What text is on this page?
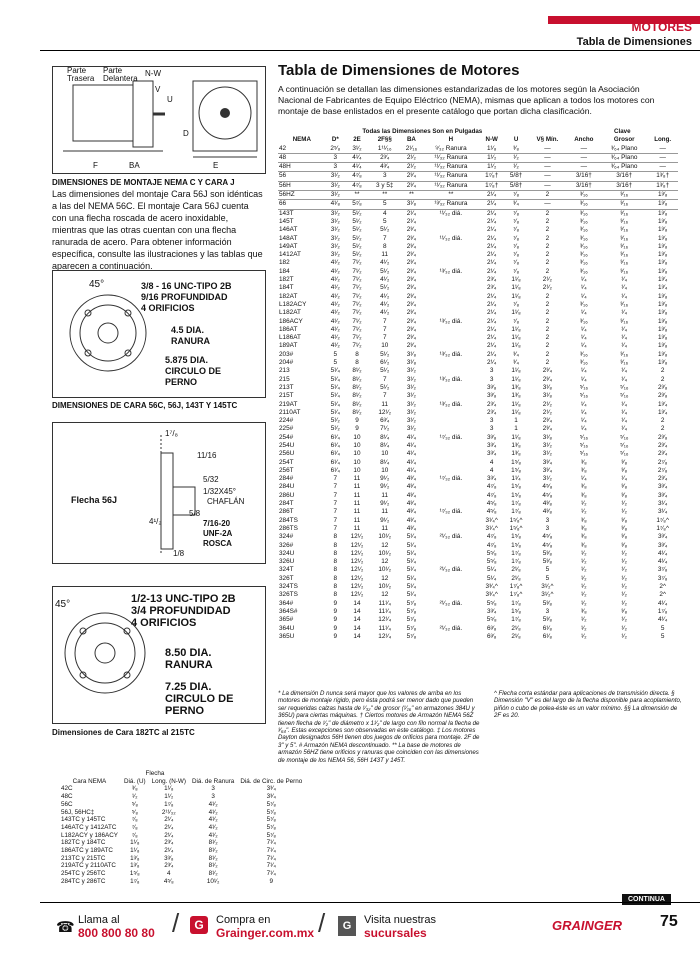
MOTORES
Tabla de Dimensiones
Parte
Trasera
Parte
Delantera
N-W
V
U
D
F	BA	E
DIMENSIONES DE MONTAJE NEMA C Y CARA J
Las dimensiones del montaje Cara 56J son idénticas a las del NEMA 56C. El montaje Cara 56J cuenta con una flecha roscada de acero inoxidable, mientras que las otras cuentan con una flecha ranurada de acero. Para obtener información específica, consulte las ilustraciones y las tablas que aparecen a continuación.
45°	3/8 - 16 UNC-TIPO 2B
9/16 PROFUNDIDAD
4 ORIFICIOS
4.5 DIA.
RANURA
5.875 DIA.
CIRCULO DE
PERNO
DIMENSIONES DE CARA 56C, 56J, 143T Y 145TC
1⁷/₈
11/16
5/32
1/32X45°
CHAFLÁN
5/8
4¹/₂	7/16-20
UNF-2A
ROSCA
1/8
Flecha 56J
45°	1/2-13 UNC-TIPO 2B
3/4 PROFUNDIDAD
4 ORIFICIOS
8.50 DIA.
RANURA
7.25 DIA.
CIRCULO DE
PERNO
Dimensiones de Cara 182TC al 215TC
	Flecha			
Cara NEMA	Diá. (U)	Long. (N-W)	Diá. de Ranura	Diá. de Circ. de Perno
42C	³⁄₈	1¹⁄₈	3	3³⁄₄
48C	¹⁄₂	1¹⁄₂	3	3³⁄₄
56C	⁵⁄₈	1⁷⁄₈	4¹⁄₂	5⁷⁄₈
56J, 56HC‡	⁵⁄₈	2¹¹⁄₃₂	4¹⁄₂	5⁷⁄₈
143TC y 145TC	⁷⁄₈	2¹⁄₄	4¹⁄₂	5⁷⁄₈
146ATC y 1412ATC	⁷⁄₈	2¹⁄₄	4¹⁄₂	5⁷⁄₈
L182ACY y 186ACY	⁷⁄₈	2¹⁄₄	4¹⁄₂	5⁷⁄₈
182TC y 184TC	1¹⁄₈	2³⁄₄	8¹⁄₂	7¹⁄₄
186ATC y 189ATC	1¹⁄₈	2¹⁄₄	8¹⁄₂	7¹⁄₄
213TC y 215TC	1³⁄₈	3³⁄₈	8¹⁄₂	7¹⁄₄
219ATC y 2110ATC	1³⁄₈	2³⁄₄	8¹⁄₂	7¹⁄₄
254TC y 256TC	1⁵⁄₈	4	8¹⁄₂	7¹⁄₄
284TC y 286TC	1⁷⁄₈	4⁵⁄₈	10¹⁄₂	9
Tabla de Dimensiones de Motores
A continuación se detallan las dimensiones estandarizadas de los motores según la Asociación Nacional de Fabricantes de Equipo Eléctrico (NEMA), mismas que aplican a todos los motores con montaje de base enlistados en el presente catálogo que portan dicha clasificación.
Todas las Dimensiones Son en Pulgadas									Clave		
NEMA	D*	2E	2F§§	BA	H	N-W	U	V§ Mín.	Ancho	Grosor	Long.
42	2⁵⁄₈	3¹⁄₂	1¹¹⁄₁₆	2¹⁄₁₆	⁹⁄₃₂ Ranura	1¹⁄₈	³⁄₈	—	—	³⁄₆₄ Plano	—
48	3	4¹⁄₄	2³⁄₄	2¹⁄₂	¹¹⁄₃₂ Ranura	1¹⁄₂	¹⁄₂	—	—	³⁄₆₄ Plano	—
48H	3	4¹⁄₄	4³⁄₄	2¹⁄₂	¹¹⁄₃₂ Ranura	1¹⁄₂	¹⁄₂	—	—	³⁄₆₄ Plano	—
56	3¹⁄₂	4⁷⁄₈	3	2³⁄₄	¹¹⁄₃₂ Ranura	1⁷⁄₈†	5/8†	—	3/16†	3/16†	1³⁄₈†
56H	3¹⁄₂	4⁷⁄₈	3 y 5‡	2³⁄₄	¹¹⁄₃₂ Ranura	1⁷⁄₈†	5/8†	—	3/16†	3/16†	1³⁄₈†
56HZ	3¹⁄₂	**	**	**	**	2¹⁄₄	⁷⁄₈	2	³⁄₁₆	³⁄₁₆	1³⁄₈
66	4¹⁄₈	5⁷⁄₈	5	3¹⁄₈	¹³⁄₃₂ Ranura	2¹⁄₄	³⁄₄	—	³⁄₁₆	³⁄₁₆	1³⁄₈
143T	3¹⁄₂	5¹⁄₂	4	2¹⁄₄	¹¹⁄₃₂ diá.	2¹⁄₄	⁷⁄₈	2	³⁄₁₆	³⁄₁₆	1³⁄₈
145T	3¹⁄₂	5¹⁄₂	5	2¹⁄₄		2¹⁄₄	⁷⁄₈	2	³⁄₁₆	³⁄₁₆	1³⁄₈
146AT	3¹⁄₂	5¹⁄₂	5¹⁄₂	2³⁄₄		2¹⁄₄	⁷⁄₈	2	³⁄₁₆	³⁄₁₆	1³⁄₈
148AT	3¹⁄₂	5¹⁄₂	7	2³⁄₄	¹¹⁄₃₂ diá.	2¹⁄₄	⁷⁄₈	2	³⁄₁₆	³⁄₁₆	1³⁄₈
149AT	3¹⁄₂	5¹⁄₂	8	2³⁄₄		2¹⁄₄	⁷⁄₈	2	³⁄₁₆	³⁄₁₆	1³⁄₈
1412AT	3¹⁄₂	5¹⁄₂	11	2³⁄₄		2¹⁄₄	⁷⁄₈	2	³⁄₁₆	³⁄₁₆	1³⁄₈
182	4¹⁄₂	7¹⁄₂	4¹⁄₂	2³⁄₄		2¹⁄₄	⁷⁄₈	2	³⁄₁₆	³⁄₁₆	1³⁄₈
184	4¹⁄₂	7¹⁄₂	5¹⁄₂	2³⁄₄	¹³⁄₃₂ diá.	2¹⁄₄	⁷⁄₈	2	³⁄₁₆	³⁄₁₆	1³⁄₈
182T	4¹⁄₂	7¹⁄₂	4¹⁄₂	2³⁄₄		2³⁄₄	1¹⁄₈	2¹⁄₂	¹⁄₄	¹⁄₄	1³⁄₄
184T	4¹⁄₂	7¹⁄₂	5¹⁄₂	2³⁄₄		2³⁄₄	1¹⁄₈	2¹⁄₂	¹⁄₄	¹⁄₄	1³⁄₄
182AT	4¹⁄₂	7¹⁄₂	4¹⁄₂	2³⁄₄		2¹⁄₄	1¹⁄₈	2	¹⁄₄	¹⁄₄	1³⁄₈
L182ACY	4¹⁄₂	7¹⁄₂	4¹⁄₂	2³⁄₄		2¹⁄₄	⁷⁄₈	2	³⁄₁₆	³⁄₁₆	1³⁄₈
L182AT	4¹⁄₂	7¹⁄₂	4¹⁄₂	2³⁄₄		2¹⁄₄	1¹⁄₈	2	¹⁄₄	¹⁄₄	1³⁄₈
186ACY	4¹⁄₂	7¹⁄₂	7	2³⁄₄	¹³⁄₃₂ diá.	2¹⁄₄	⁷⁄₈	2	³⁄₁₆	³⁄₁₆	1³⁄₈
186AT	4¹⁄₂	7¹⁄₂	7	2³⁄₄		2¹⁄₄	1¹⁄₈	2	¹⁄₄	¹⁄₄	1³⁄₈
L186AT	4¹⁄₂	7¹⁄₂	7	2³⁄₄		2¹⁄₄	1¹⁄₈	2	¹⁄₄	¹⁄₄	1³⁄₈
189AT	4¹⁄₂	7¹⁄₂	10	2³⁄₄		2¹⁄₄	1¹⁄₈	2	¹⁄₄	¹⁄₄	1³⁄₈
203#	5	8	5¹⁄₂	3¹⁄₈	¹³⁄₃₂ diá.	2¹⁄₄	³⁄₄	2	³⁄₁₆	³⁄₁₆	1³⁄₈
204#	5	8	6¹⁄₂	3¹⁄₈		2¹⁄₄	³⁄₄	2	³⁄₁₆	³⁄₁₆	1³⁄₈
213	5¹⁄₄	8¹⁄₂	5¹⁄₂	3¹⁄₂		3	1¹⁄₈	2³⁄₄	¹⁄₄	¹⁄₄	2
215	5¹⁄₄	8¹⁄₂	7	3¹⁄₂	¹³⁄₃₂ diá.	3	1¹⁄₈	2³⁄₄	¹⁄₄	¹⁄₄	2
213T	5¹⁄₄	8¹⁄₂	5¹⁄₂	3¹⁄₂		3³⁄₈	1³⁄₈	3¹⁄₈	⁵⁄₁₆	⁵⁄₁₆	2³⁄₈
215T	5¹⁄₄	8¹⁄₂	7	3¹⁄₂		3³⁄₈	1³⁄₈	3¹⁄₈	⁵⁄₁₆	⁵⁄₁₆	2³⁄₈
219AT	5¹⁄₄	8¹⁄₂	11	3¹⁄₂	¹³⁄₃₂ diá.	2³⁄₄	1¹⁄₈	2¹⁄₂	¹⁄₄	¹⁄₄	1³⁄₄
2110AT	5¹⁄₄	8¹⁄₂	12¹⁄₂	3¹⁄₂		2³⁄₄	1¹⁄₈	2¹⁄₂	¹⁄₄	¹⁄₄	1³⁄₄
224#	5¹⁄₂	9	6³⁄₄	3¹⁄₂		3	1	2³⁄₄	¹⁄₄	¹⁄₄	2
225#	5¹⁄₂	9	7¹⁄₂	3¹⁄₂		3	1	2³⁄₄	¹⁄₄	¹⁄₄	2
254#	6¹⁄₄	10	8¹⁄₄	4¹⁄₄	¹⁷⁄₃₂ diá.	3³⁄₈	1¹⁄₈	3¹⁄₈	⁵⁄₁₆	⁵⁄₁₆	2³⁄₈
254U	6¹⁄₄	10	8¹⁄₄	4¹⁄₄		3³⁄₄	1³⁄₈	3¹⁄₂	⁵⁄₁₆	⁵⁄₁₆	2³⁄₄
256U	6¹⁄₄	10	10	4¹⁄₄		3³⁄₄	1³⁄₈	3¹⁄₂	⁵⁄₁₆	⁵⁄₁₆	2³⁄₄
254T	6¹⁄₄	10	8¹⁄₄	4¹⁄₄		4	1⁵⁄₈	3³⁄₄	³⁄₈	³⁄₈	2⁷⁄₈
256T	6¹⁄₄	10	10	4¹⁄₄		4	1⁵⁄₈	3³⁄₄	³⁄₈	³⁄₈	2⁷⁄₈
284#	7	11	9¹⁄₂	4³⁄₄	¹⁷⁄₃₂ diá.	3³⁄₄	1¹⁄₄	3¹⁄₂	¹⁄₄	¹⁄₄	2³⁄₄
284U	7	11	9¹⁄₂	4³⁄₄		4⁷⁄₈	1⁵⁄₈	4⁵⁄₈	³⁄₈	³⁄₈	3³⁄₄
286U	7	11	11	4³⁄₄		4⁷⁄₈	1⁵⁄₈	4⁵⁄₈	³⁄₈	³⁄₈	3³⁄₄
284T	7	11	9¹⁄₂	4³⁄₄		4⁵⁄₈	1⁷⁄₈	4³⁄₈	¹⁄₂	¹⁄₂	3¹⁄₄
286T	7	11	11	4³⁄₄	¹⁷⁄₃₂ diá.	4⁵⁄₈	1⁷⁄₈	4³⁄₈	¹⁄₂	¹⁄₂	3¹⁄₄
284TS	7	11	9¹⁄₂	4³⁄₄		3¹⁄₄^	1⁵⁄₈^	3	³⁄₈	³⁄₈	1⁷⁄₈^
286TS	7	11	11	4³⁄₄		3¹⁄₄^	1⁵⁄₈^	3	³⁄₈	³⁄₈	1⁷⁄₈^
324#	8	12¹⁄₂	10¹⁄₂	5¹⁄₄	²¹⁄₃₂ diá.	4⁷⁄₈	1⁵⁄₈	4⁵⁄₈	³⁄₈	³⁄₈	3³⁄₄
326#	8	12¹⁄₂	12	5¹⁄₄		4⁷⁄₈	1⁵⁄₈	4⁵⁄₈	³⁄₈	³⁄₈	3³⁄₄
324U	8	12¹⁄₂	10¹⁄₂	5¹⁄₄		5⁵⁄₈	1⁷⁄₈	5³⁄₈	¹⁄₂	¹⁄₂	4¹⁄₄
326U	8	12¹⁄₂	12	5¹⁄₄		5⁵⁄₈	1⁷⁄₈	5³⁄₈	¹⁄₂	¹⁄₂	4¹⁄₄
324T	8	12¹⁄₂	10¹⁄₂	5¹⁄₄	²¹⁄₃₂ diá.	5¹⁄₄	2¹⁄₈	5	¹⁄₂	¹⁄₂	3⁷⁄₈
326T	8	12¹⁄₂	12	5¹⁄₄		5¹⁄₄	2¹⁄₈	5	¹⁄₂	¹⁄₂	3⁷⁄₈
324TS	8	12¹⁄₂	10¹⁄₂	5¹⁄₄		3³⁄₄^	1⁷⁄₈^	3¹⁄₂^	¹⁄₂	¹⁄₂	2^
326TS	8	12¹⁄₂	12	5¹⁄₄		3³⁄₄^	1⁷⁄₈^	3¹⁄₂^	¹⁄₂	¹⁄₂	2^
364#	9	14	11¹⁄₄	5⁷⁄₈	²¹⁄₃₂ diá.	5⁵⁄₈	1⁷⁄₈	5³⁄₈	¹⁄₂	¹⁄₂	4¹⁄₄
364S#	9	14	11¹⁄₄	5⁷⁄₈		3³⁄₄	1⁵⁄₈	3	³⁄₈	³⁄₈	1⁷⁄₈
365#	9	14	12¹⁄₄	5⁷⁄₈		5⁵⁄₈	1⁷⁄₈	5³⁄₈	¹⁄₂	¹⁄₂	4¹⁄₄
364U	9	14	11¹⁄₄	5⁷⁄₈	²¹⁄₃₂ diá.	6³⁄₈	2¹⁄₈	6¹⁄₈	¹⁄₂	¹⁄₂	5
365U	9	14	12¹⁄₄	5⁷⁄₈		6³⁄₈	2¹⁄₈	6¹⁄₈	¹⁄₂	¹⁄₂	5
* La dimensión D nunca será mayor que los valores de arriba en los motores de montaje rígido, pero ésta podrá ser menor dado que pueden ser requeridas calzas hasta de ¹⁄₃₂" de grosor (¹⁄₁₆" en armazones 384U y 365U) para ciertas máquinas. † Ciertos motores de Armazón NEMA 56Z tienen flecha de ¹⁄₂" de diámetro x 1¹⁄₂" de largo con filo normal la flecha de ³⁄₆₄". Estas excepciones son observadas en este catálogo. ‡ Los motores Dayton designados 56H tienen dos juegos de orificios para montaje. 2F de 3" y 5". # Armazón NEMA descontinuado. ** La base de motores de armazón 56HZ tiene orificios y ranuras que coinciden con las dimensiones de montaje de los NEMA 56, 56H 143T y 145T.
^ Flecha corta estándar para aplicaciones de transmisión directa. § Dimensión "V" es del largo de la flecha disponible para acoplamiento, piñón o cubo de polea-éste es un valor mínimo. §§ La dimensión de 2F es 20.
CONTINUA
☎ Llama al
800 800 80 80 /	G	Compra en
Grainger.com.mx /	G	Visita nuestras
sucursales	GRAINGER 75
